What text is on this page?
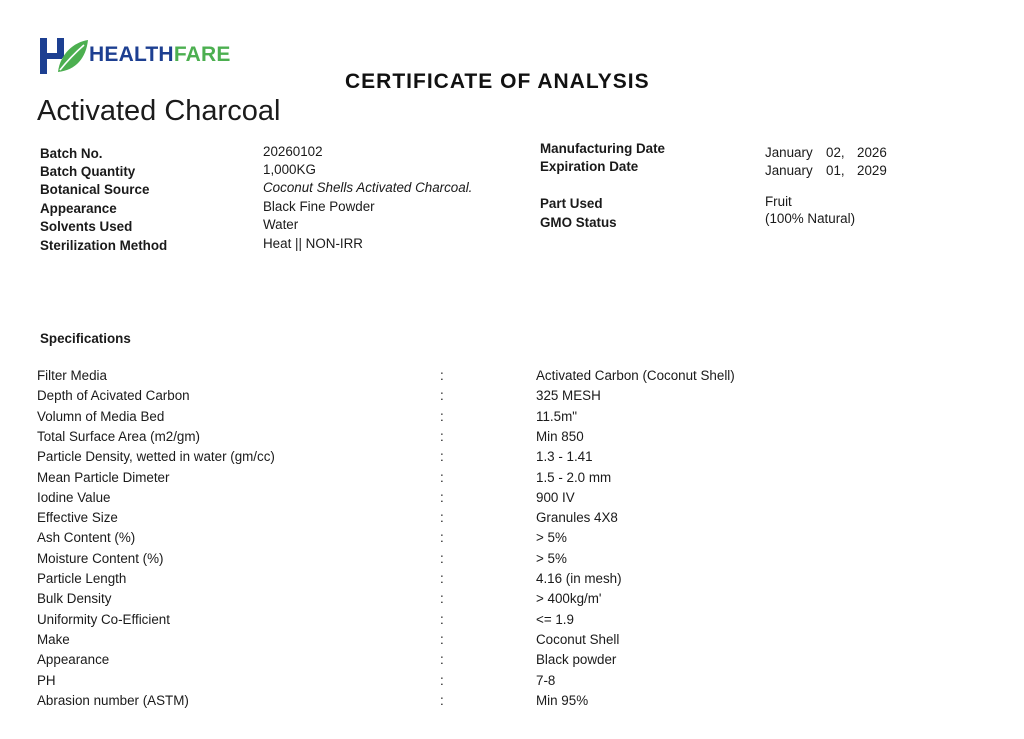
HEALTHFARE
CERTIFICATE OF ANALYSIS
Activated Charcoal
Batch No.	20260102
Batch Quantity	1,000KG
Botanical Source	Coconut Shells Activated Charcoal.
Appearance	Black Fine Powder
Solvents Used	Water
Sterilization Method	Heat || NON-IRR
Manufacturing Date	January 02, 2026
Expiration Date	January 01, 2029
Part Used	Fruit
GMO Status	(100% Natural)
Specifications
Filter Media	:	Activated Carbon (Coconut Shell)
Depth of Acivated Carbon	:	325 MESH
Volumn of Media Bed	:	11.5m"
Total Surface Area (m2/gm)	:	Min 850
Particle Density, wetted in water (gm/cc)	:	1.3 - 1.41
Mean Particle Dimeter	:	1.5 - 2.0 mm
Iodine Value	:	900 IV
Effective Size	:	Granules 4X8
Ash Content (%)	:	> 5%
Moisture Content (%)	:	> 5%
Particle Length	:	4.16 (in mesh)
Bulk Density	:	> 400kg/m'
Uniformity Co-Efficient	:	<= 1.9
Make	:	Coconut Shell
Appearance	:	Black powder
PH	:	7-8
Abrasion number (ASTM)	:	Min 95%
